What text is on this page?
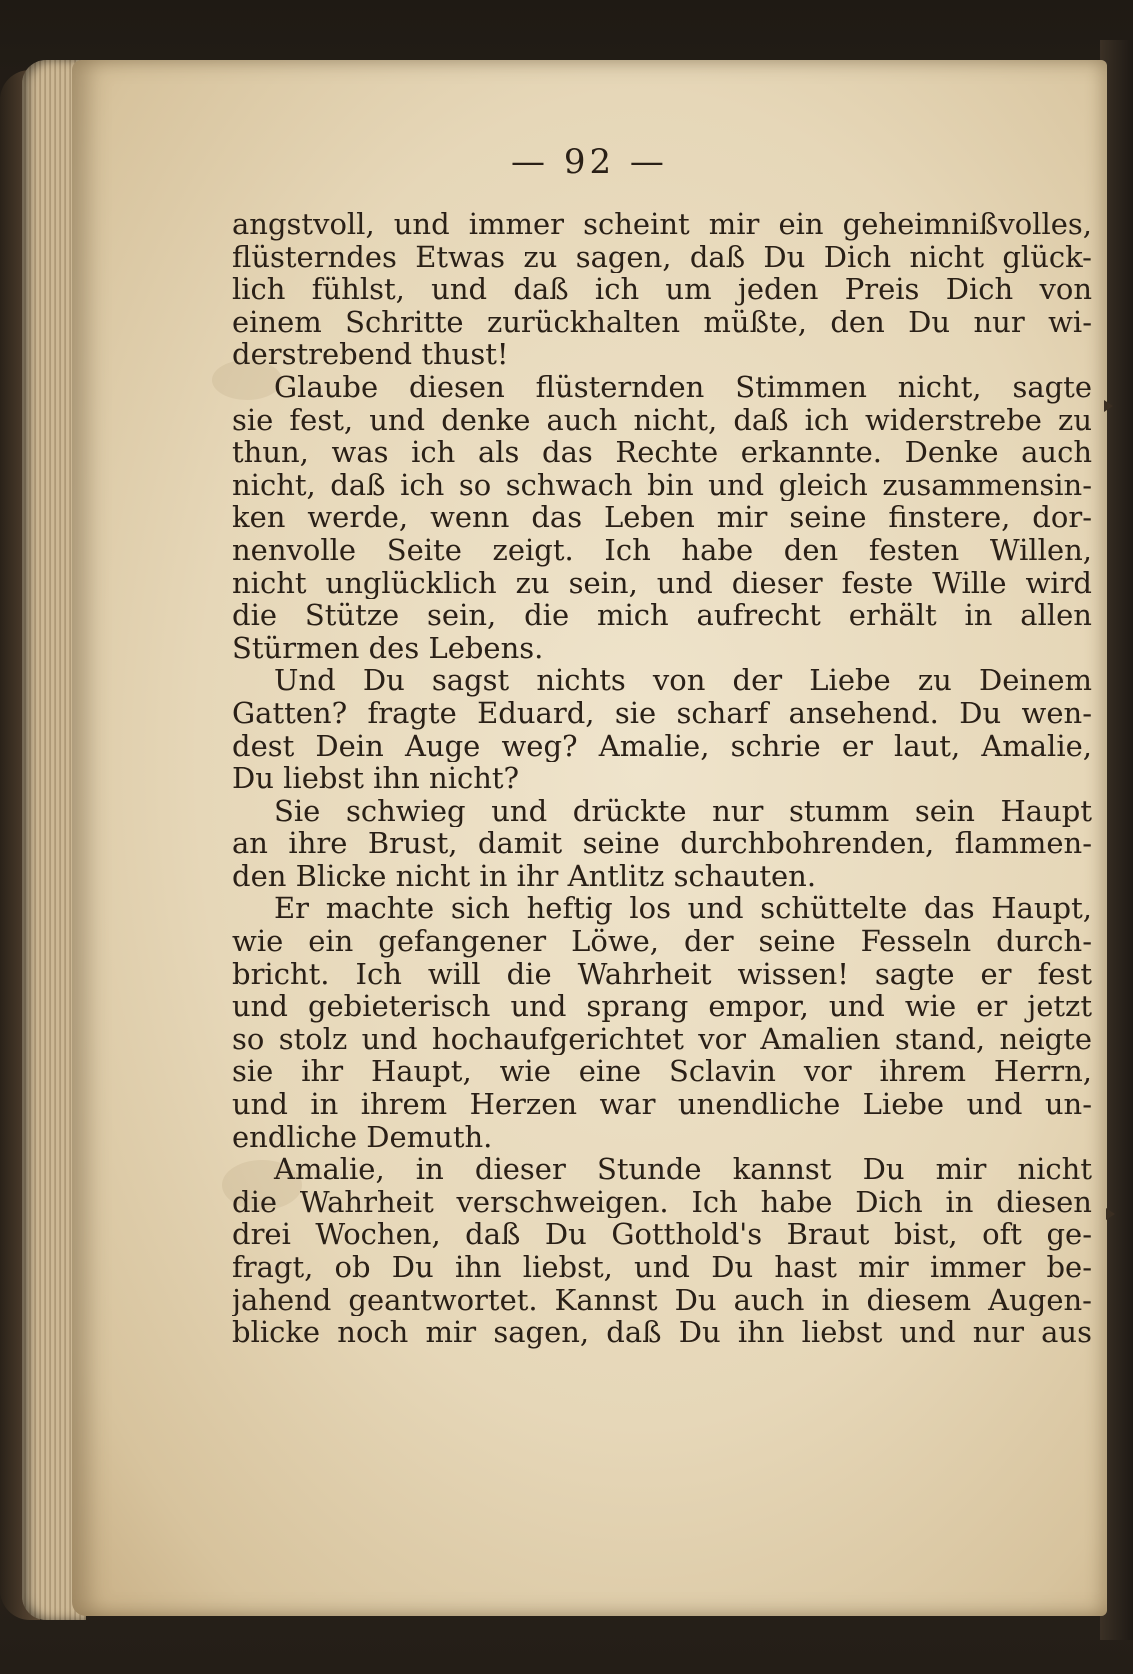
— 92 —
angstvoll, und immer scheint mir ein geheimnißvolles,
flüsterndes Etwas zu sagen, daß Du Dich nicht glück-
lich fühlst, und daß ich um jeden Preis Dich von
einem Schritte zurückhalten müßte, den Du nur wi-
derstrebend thust!
Glaube diesen flüsternden Stimmen nicht, sagte
sie fest, und denke auch nicht, daß ich widerstrebe zu
thun, was ich als das Rechte erkannte. Denke auch
nicht, daß ich so schwach bin und gleich zusammensin-
ken werde, wenn das Leben mir seine finstere, dor-
nenvolle Seite zeigt. Ich habe den festen Willen,
nicht unglücklich zu sein, und dieser feste Wille wird
die Stütze sein, die mich aufrecht erhält in allen
Stürmen des Lebens.
Und Du sagst nichts von der Liebe zu Deinem
Gatten? fragte Eduard, sie scharf ansehend. Du wen-
dest Dein Auge weg? Amalie, schrie er laut, Amalie,
Du liebst ihn nicht?
Sie schwieg und drückte nur stumm sein Haupt
an ihre Brust, damit seine durchbohrenden, flammen-
den Blicke nicht in ihr Antlitz schauten.
Er machte sich heftig los und schüttelte das Haupt,
wie ein gefangener Löwe, der seine Fesseln durch-
bricht. Ich will die Wahrheit wissen! sagte er fest
und gebieterisch und sprang empor, und wie er jetzt
so stolz und hochaufgerichtet vor Amalien stand, neigte
sie ihr Haupt, wie eine Sclavin vor ihrem Herrn,
und in ihrem Herzen war unendliche Liebe und un-
endliche Demuth.
Amalie, in dieser Stunde kannst Du mir nicht
die Wahrheit verschweigen. Ich habe Dich in diesen
drei Wochen, daß Du Gotthold's Braut bist, oft ge-
fragt, ob Du ihn liebst, und Du hast mir immer be-
jahend geantwortet. Kannst Du auch in diesem Augen-
blicke noch mir sagen, daß Du ihn liebst und nur aus
